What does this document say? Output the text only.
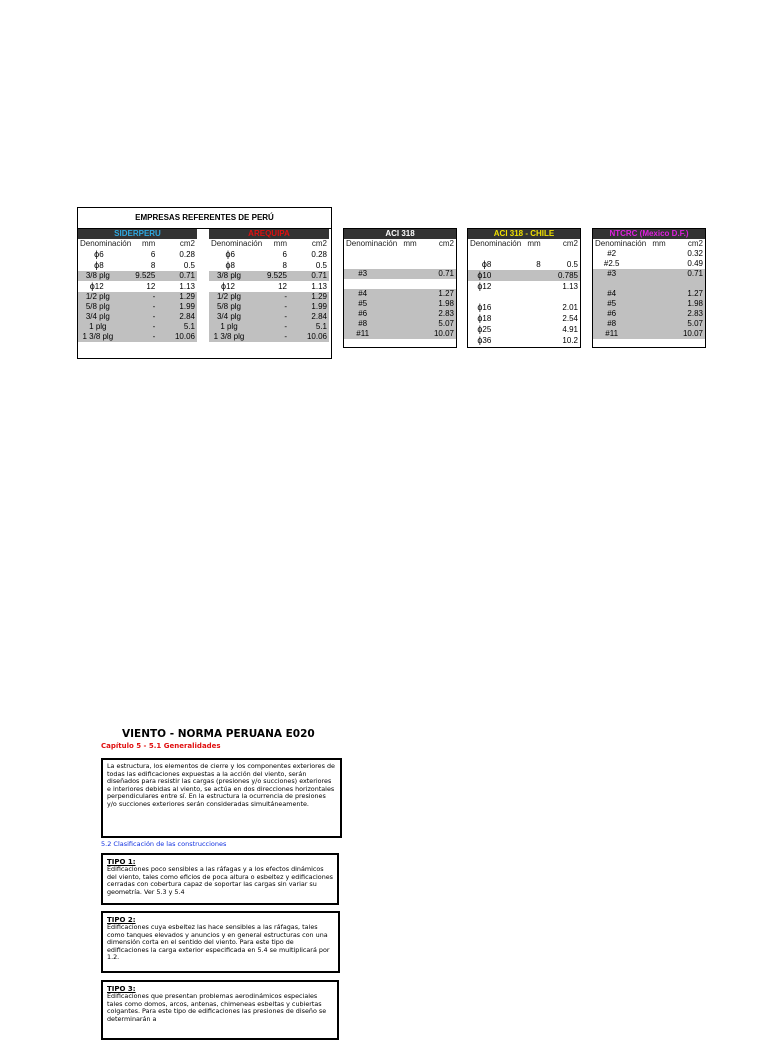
EMPRESAS REFERENTES DE PERÚ
SIDERPERU		
Denominación	mm	cm2
ϕ6	6	0.28
ϕ8	8	0.5
3/8 plg	9.525	0.71
ϕ12	12	1.13
1/2 plg	-	1.29
5/8 plg	-	1.99
3/4 plg	-	2.84
1 plg	-	5.1
1 3/8 plg	-	10.06
AREQUIPA		
Denominación	mm	cm2
ϕ6	6	0.28
ϕ8	8	0.5
3/8 plg	9.525	0.71
ϕ12	12	1.13
1/2 plg	-	1.29
5/8 plg	-	1.99
3/4 plg	-	2.84
1 plg	-	5.1
1 3/8 plg	-	10.06
ACI 318		
Denominación	mm	cm2

#3		0.71

#4		1.27
#5		1.98
#6		2.83
#8		5.07
#11		10.07
ACI 318 - CHILE		
Denominación	mm	cm2

ϕ8	8	0.5
ϕ10		0.785
ϕ12		1.13

ϕ16		2.01
ϕ18		2.54
ϕ25		4.91
ϕ36		10.2
NTCRC (Mexico D.F.)		
Denominación	mm	cm2
#2		0.32
#2.5		0.49
#3		0.71

#4		1.27
#5		1.98
#6		2.83
#8		5.07
#11		10.07
VIENTO - NORMA PERUANA E020
Capítulo 5 - 5.1 Generalidades
La estructura, los elementos de cierre y los componentes exteriores de todas las edificaciones expuestas a la acción del viento, serán diseñados para resistir las cargas (presiones y/o succiones) exteriores e interiores debidas al viento, se actúa en dos direcciones horizontales perpendiculares entre sí. En la estructura la ocurrencia de presiones y/o succiones exteriores serán consideradas simultáneamente.
5.2 Clasificación de las construcciones
TIPO 1:
Edificaciones poco sensibles a las ráfagas y a los efectos dinámicos del viento, tales como eficios de poca altura o esbeltez y edificaciones cerradas con cobertura capaz de soportar las cargas sin variar su geometría. Ver 5.3 y 5.4
TIPO 2:
Edificaciones cuya esbeltez las hace sensibles a las ráfagas, tales como tanques elevados y anuncios y en general estructuras con una dimensión corta en el sentido del viento. Para este tipo de edificaciones la carga exterior especificada en 5.4 se multiplicará por 1.2.
TIPO 3:
Edificaciones que presentan problemas aerodinámicos especiales tales como domos, arcos, antenas, chimeneas esbeltas y cubiertas colgantes. Para este tipo de edificaciones las presiones de diseño se determinarán a
